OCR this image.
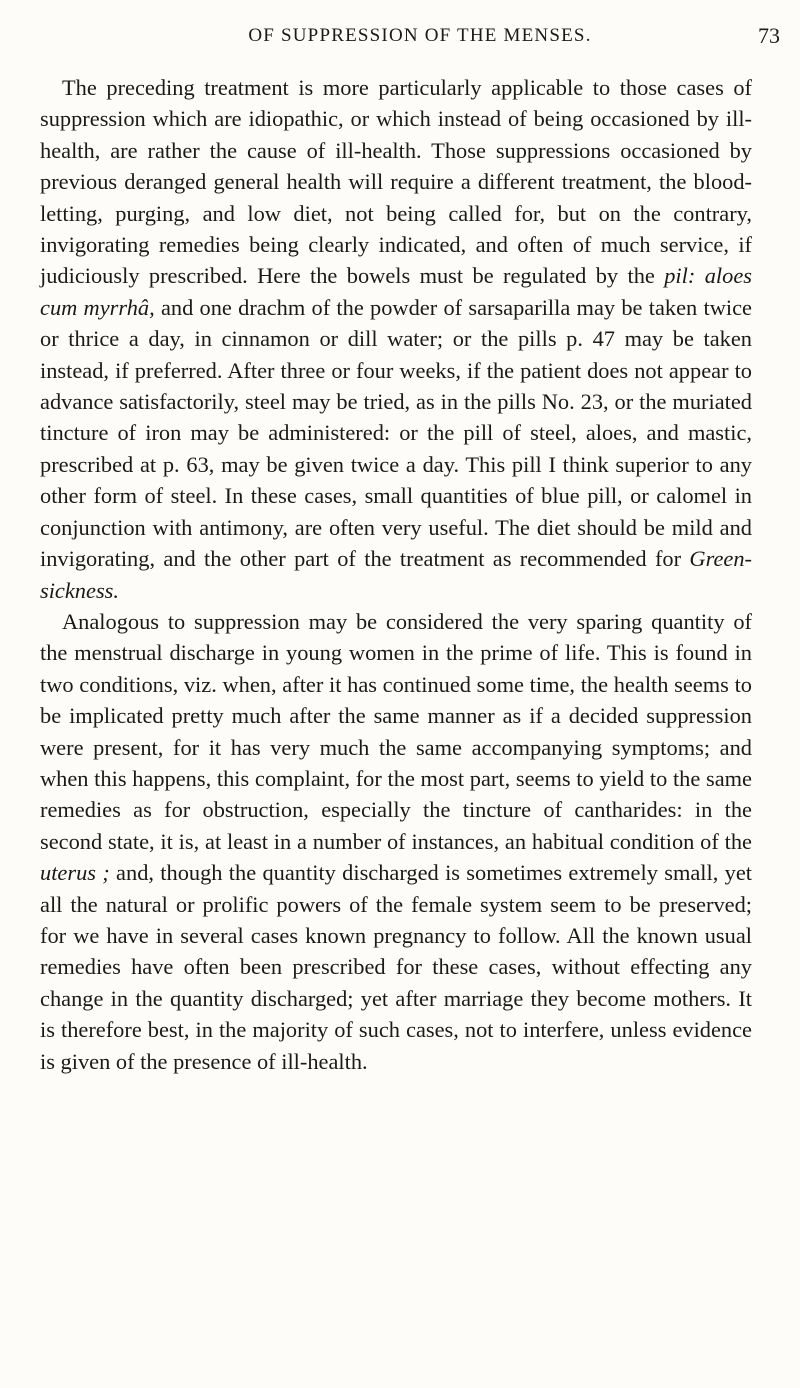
OF SUPPRESSION OF THE MENSES.	73

The preceding treatment is more particularly applicable to those cases of suppression which are idiopathic, or which instead of being occasioned by ill-health, are rather the cause of ill-health. Those suppressions occasioned by previous deranged general health will require a different treatment, the blood-letting, purging, and low diet, not being called for, but on the contrary, invigorating remedies being clearly indicated, and often of much service, if judiciously prescribed. Here the bowels must be regulated by the pil: aloes cum myrrhâ, and one drachm of the powder of sarsaparilla may be taken twice or thrice a day, in cinnamon or dill water; or the pills p. 47 may be taken instead, if preferred. After three or four weeks, if the patient does not appear to advance satisfactorily, steel may be tried, as in the pills No. 23, or the muriated tincture of iron may be administered: or the pill of steel, aloes, and mastic, prescribed at p. 63, may be given twice a day. This pill I think superior to any other form of steel. In these cases, small quantities of blue pill, or calomel in conjunction with antimony, are often very useful. The diet should be mild and invigorating, and the other part of the treatment as recommended for Green-sickness.

Analogous to suppression may be considered the very sparing quantity of the menstrual discharge in young women in the prime of life. This is found in two conditions, viz. when, after it has continued some time, the health seems to be implicated pretty much after the same manner as if a decided suppression were present, for it has very much the same accompanying symptoms; and when this happens, this complaint, for the most part, seems to yield to the same remedies as for obstruction, especially the tincture of cantharides: in the second state, it is, at least in a number of instances, an habitual condition of the uterus ; and, though the quantity discharged is sometimes extremely small, yet all the natural or prolific powers of the female system seem to be preserved; for we have in several cases known pregnancy to follow. All the known usual remedies have often been prescribed for these cases, without effecting any change in the quantity discharged; yet after marriage they become mothers. It is therefore best, in the majority of such cases, not to interfere, unless evidence is given of the presence of ill-health.
